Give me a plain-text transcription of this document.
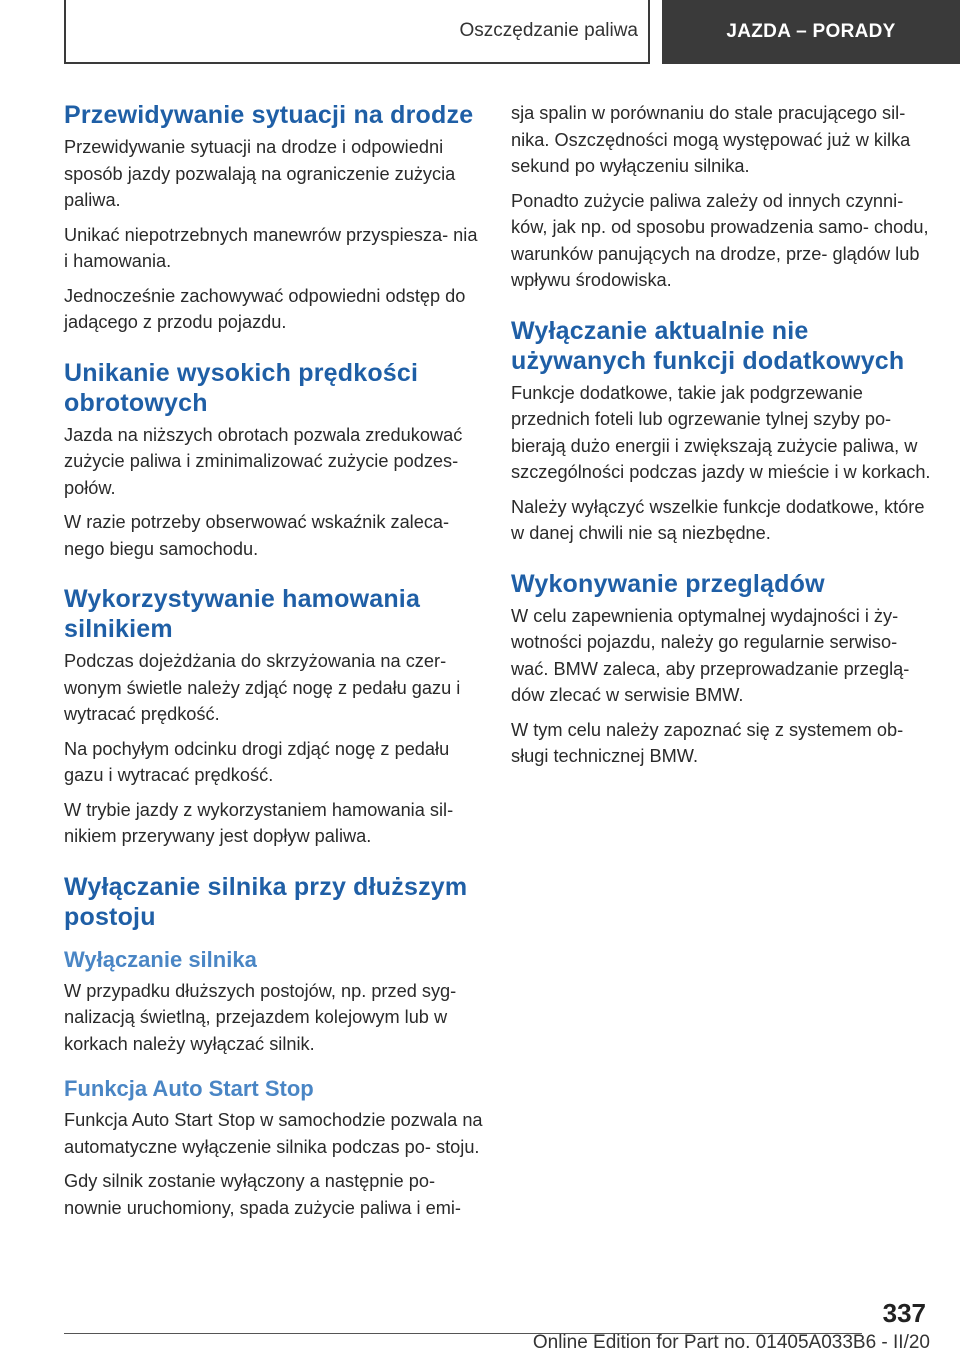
Oszczędzanie paliwa	JAZDA – PORADY
Przewidywanie sytuacji na drodze

Przewidywanie sytuacji na drodze i odpowiedni sposób jazdy pozwalają na ograniczenie zużycia paliwa.

Unikać niepotrzebnych manewrów przyspiesza- nia i hamowania.

Jednocześnie zachowywać odpowiedni odstęp do jadącego z przodu pojazdu.

Unikanie wysokich prędkości obrotowych

Jazda na niższych obrotach pozwala zredukować zużycie paliwa i zminimalizować zużycie podzes- połów.

W razie potrzeby obserwować wskaźnik zaleca- nego biegu samochodu.

Wykorzystywanie hamowania silnikiem

Podczas dojeżdżania do skrzyżowania na czer- wonym świetle należy zdjąć nogę z pedału gazu i wytracać prędkość.

Na pochyłym odcinku drogi zdjąć nogę z pedału gazu i wytracać prędkość.

W trybie jazdy z wykorzystaniem hamowania sil- nikiem przerywany jest dopływ paliwa.

Wyłączanie silnika przy dłuższym postoju
Wyłączanie silnika

W przypadku dłuższych postojów, np. przed syg- nalizacją świetlną, przejazdem kolejowym lub w korkach należy wyłączać silnik.

Funkcja Auto Start Stop

Funkcja Auto Start Stop w samochodzie pozwala na automatyczne wyłączenie silnika podczas po- stoju.

Gdy silnik zostanie wyłączony a następnie po- nownie uruchomiony, spada zużycie paliwa i emi-

sja spalin w porównaniu do stale pracującego sil- nika. Oszczędności mogą występować już w kilka sekund po wyłączeniu silnika.

Ponadto zużycie paliwa zależy od innych czynni- ków, jak np. od sposobu prowadzenia samo- chodu, warunków panujących na drodze, prze- glądów lub wpływu środowiska.

Wyłączanie aktualnie nie używanych funkcji dodatkowych

Funkcje dodatkowe, takie jak podgrzewanie przednich foteli lub ogrzewanie tylnej szyby po- bierają dużo energii i zwiększają zużycie paliwa, w szczególności podczas jazdy w mieście i w korkach.

Należy wyłączyć wszelkie funkcje dodatkowe, które w danej chwili nie są niezbędne.

Wykonywanie przeglądów

W celu zapewnienia optymalnej wydajności i ży- wotności pojazdu, należy go regularnie serwiso- wać. BMW zaleca, aby przeprowadzanie przeglą- dów zlecać w serwisie BMW.

W tym celu należy zapoznać się z systemem ob- sługi technicznej BMW.

337
Online Edition for Part no. 01405A033B6 - II/20
